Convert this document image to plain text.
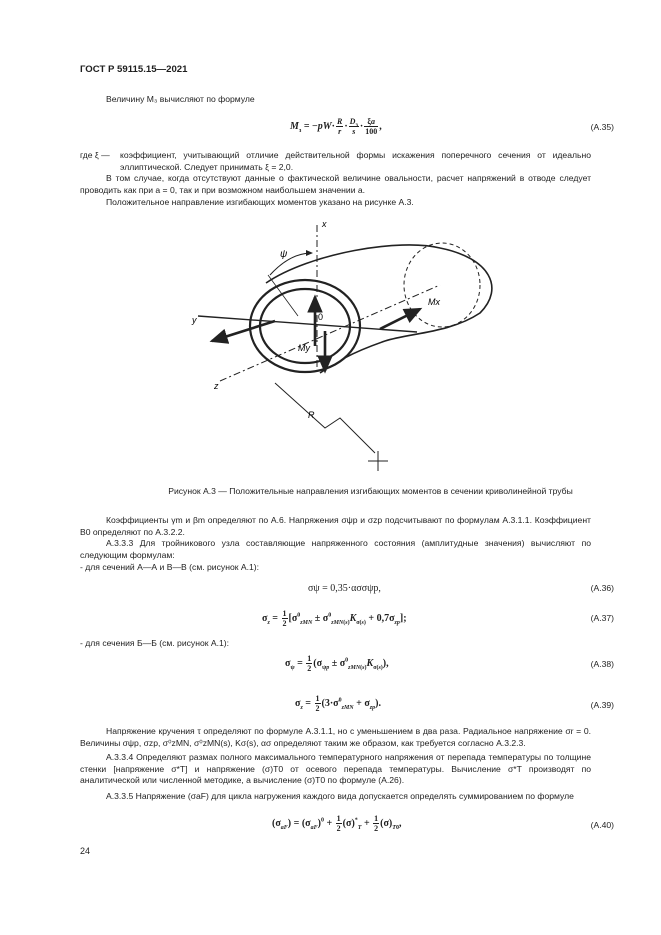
ГОСТ Р 59115.15—2021
Величину M₃ вычисляют по формуле
$M_з = -pW\cdot \frac{R}{r} \cdot \frac{D_з}{s} \cdot \frac{\xi a}{100}$ ,	(А.35)
где ξ —	коэффициент, учитывающий отличие действительной формы искажения поперечного сечения от идеально эллиптической. Следует принимать ξ = 2,0.
В том случае, когда отсутствуют данные о фактической величине овальности, расчет напряжений в отводе следует проводить как при a = 0, так и при возможном наибольшем значении a.
Положительное направление изгибающих моментов указано на рисунке А.3.
x
y
z
0
ψ
Mx
My
R
Рисунок А.3 — Положительные направления изгибающих моментов в сечении криволинейной трубы
Коэффициенты γm и βm определяют по А.6. Напряжения σψp и σzp подсчитывают по формулам А.3.1.1. Коэффициент B0 определяют по А.3.2.2.
А.3.3.3 Для тройникового узла составляющие напряженного состояния (амплитудные значения) вычисляют по следующим формулам:
- для сечений А—А и В—В (см. рисунок А.1):
σψ = 0,35·ασσψp,	(А.36)
$\sigma_z = \frac{1}{2} [\sigma^0_{zMN} \pm \sigma^0_{zMN(s)}K_{\sigma(s)} + 0,7\sigma_{zp}]$;	(А.37)
- для сечения Б—Б (см. рисунок А.1):
$\sigma_\psi = \frac{1}{2} (\sigma_{\psi p} \pm \sigma^0_{zMN(s)}K_{\sigma(s)})$,	(А.38)
$\sigma_z = \frac{1}{2} (3\cdot\sigma^0_{zMN} + \sigma_{zp})$.	(А.39)
Напряжение кручения τ определяют по формуле А.3.1.1, но с уменьшением в два раза. Радиальное напряжение σr = 0. Величины σψp, σzp, σ⁰zMN, σ⁰zMN(s), Kσ(s), ασ определяют таким же образом, как требуется согласно А.3.2.3.
А.3.3.4 Определяют размах полного максимального температурного напряжения от перепада температуры по толщине стенки [напряжение σ*T] и напряжение (σ)T0 от осевого перепада температуры. Вычисление σ*T производят по аналитической или численной методике, а вычисление (σ)T0 по формуле (А.26).
А.3.3.5 Напряжение (σaF) для цикла нагружения каждого вида допускается определять суммированием по формуле
$(\sigma_{aF}) = (\sigma_{aF})^0 + \frac{1}{2} (\sigma)^*_T + \frac{1}{2} (\sigma)_{T0}$,	(А.40)
24
